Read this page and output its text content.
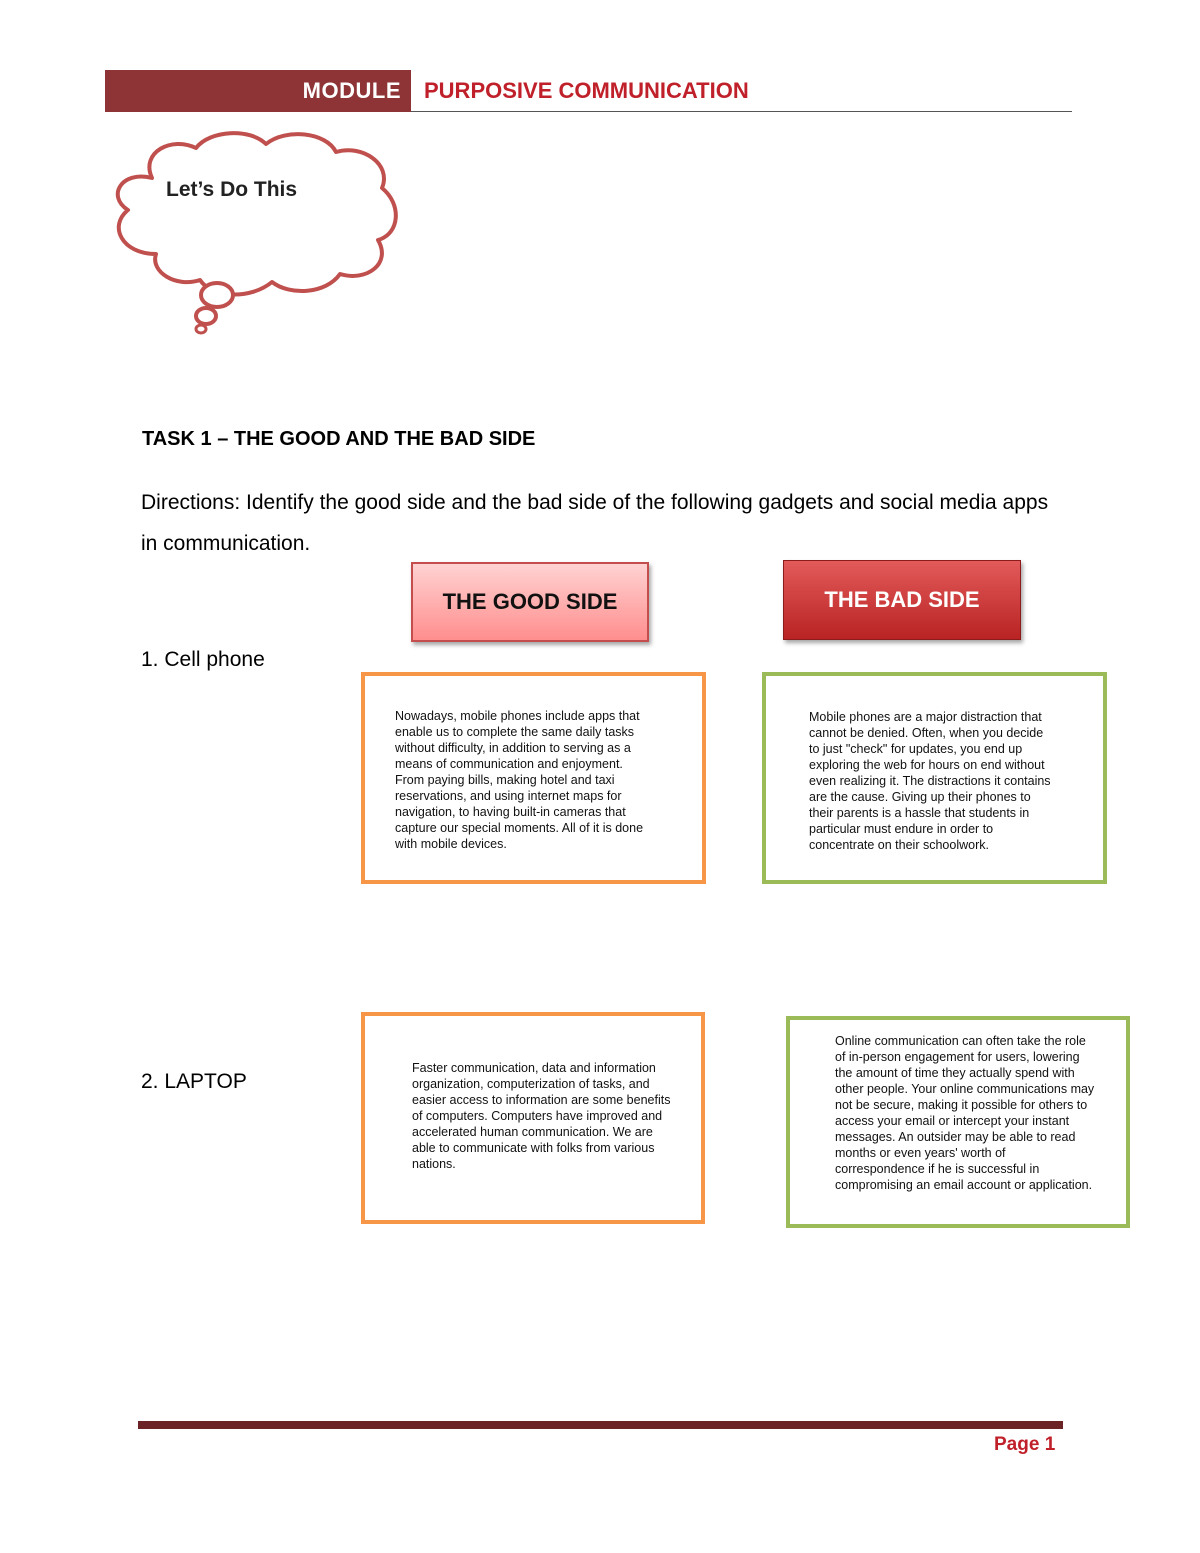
MODULE PURPOSIVE COMMUNICATION
Let’s Do This
TASK 1 – THE GOOD AND THE BAD SIDE
Directions: Identify the good side and the bad side of the following gadgets and social media apps in communication.
THE GOOD SIDE	THE BAD SIDE
1. Cell phone

Nowadays, mobile phones include apps that enable us to complete the same daily tasks without difficulty, in addition to serving as a means of communication and enjoyment. From paying bills, making hotel and taxi reservations, and using internet maps for navigation, to having built-in cameras that capture our special moments. All of it is done with mobile devices.

Mobile phones are a major distraction that cannot be denied. Often, when you decide to just "check" for updates, you end up exploring the web for hours on end without even realizing it. The distractions it contains are the cause. Giving up their phones to their parents is a hassle that students in particular must endure in order to concentrate on their schoolwork.

2. LAPTOP

Faster communication, data and information organization, computerization of tasks, and easier access to information are some benefits of computers. Computers have improved and accelerated human communication. We are able to communicate with folks from various nations.

Online communication can often take the role of in-person engagement for users, lowering the amount of time they actually spend with other people. Your online communications may not be secure, making it possible for others to access your email or intercept your instant messages. An outsider may be able to read months or even years' worth of correspondence if he is successful in compromising an email account or application.

Page 1
